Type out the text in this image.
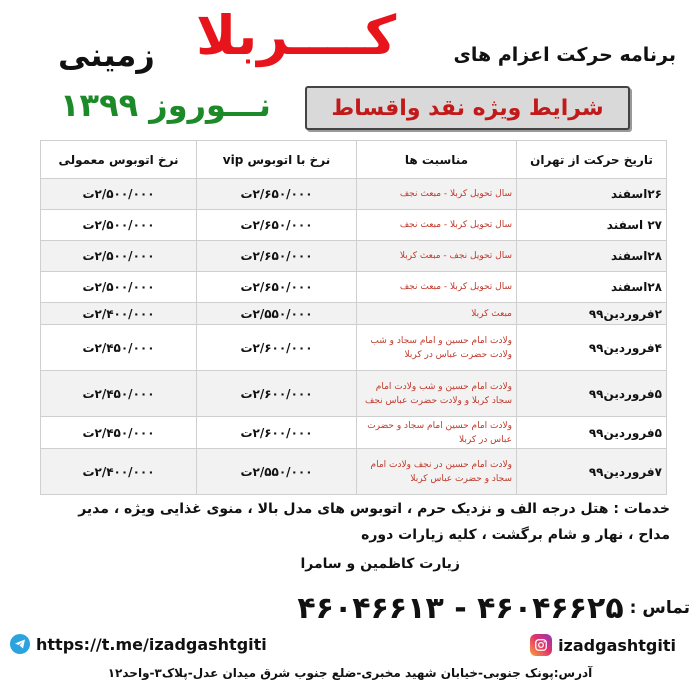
کــــربلا
زمینی	برنامه حرکت اعزام های
نـــوروز ۱۳۹۹	شرایط ویژه نقد واقساط
تاریخ حرکت از تهران	مناسبت ها	نرخ با اتوبوس vip	نرخ اتوبوس معمولی
۲۶اسفند	سال تحویل کربلا - مبعث نجف	۲/۶۵۰/۰۰۰ت	۲/۵۰۰/۰۰۰ت
۲۷ اسفند	سال تحویل کربلا - مبعث نجف	۲/۶۵۰/۰۰۰ت	۲/۵۰۰/۰۰۰ت
۲۸اسفند	سال تحویل نجف - مبعث کربلا	۲/۶۵۰/۰۰۰ت	۲/۵۰۰/۰۰۰ت
۲۸اسفند	سال تحویل کربلا - مبعث نجف	۲/۶۵۰/۰۰۰ت	۲/۵۰۰/۰۰۰ت
۲فروردین۹۹	مبعث کربلا	۲/۵۵۰/۰۰۰ت	۲/۴۰۰/۰۰۰ت
۴فروردین۹۹	ولادت امام حسین و امام سجاد و شب ولادت حضرت عباس در کربلا	۲/۶۰۰/۰۰۰ت	۲/۴۵۰/۰۰۰ت
۵فروردین۹۹	ولادت امام حسین و شب ولادت امام سجاد کربلا و ولادت حضرت عباس نجف	۲/۶۰۰/۰۰۰ت	۲/۴۵۰/۰۰۰ت
۵فروردین۹۹	ولادت امام حسین امام سجاد و حضرت عباس در کربلا	۲/۶۰۰/۰۰۰ت	۲/۴۵۰/۰۰۰ت
۷فروردین۹۹	ولادت امام حسین در نجف ولادت امام سجاد و حضرت عباس کربلا	۲/۵۵۰/۰۰۰ت	۲/۴۰۰/۰۰۰ت
خدمات : هتل درجه الف و نزدیک حرم ، اتوبوس های مدل بالا ، منوی غذایی ویژه ، مدیر
مداح ، نهار و شام برگشت ، کلیه زیارات دوره
زیارت کاظمین و سامرا
تماس :
۴۶۰۴۶۶۲۵ - ۴۶۰۴۶۶۱۳
https://t.me/izadgashtgiti	izadgashtgiti
آدرس:پونک جنوبی-خیابان شهید مخبری-ضلع جنوب شرق میدان عدل-پلاک۳-واحد۱۲
